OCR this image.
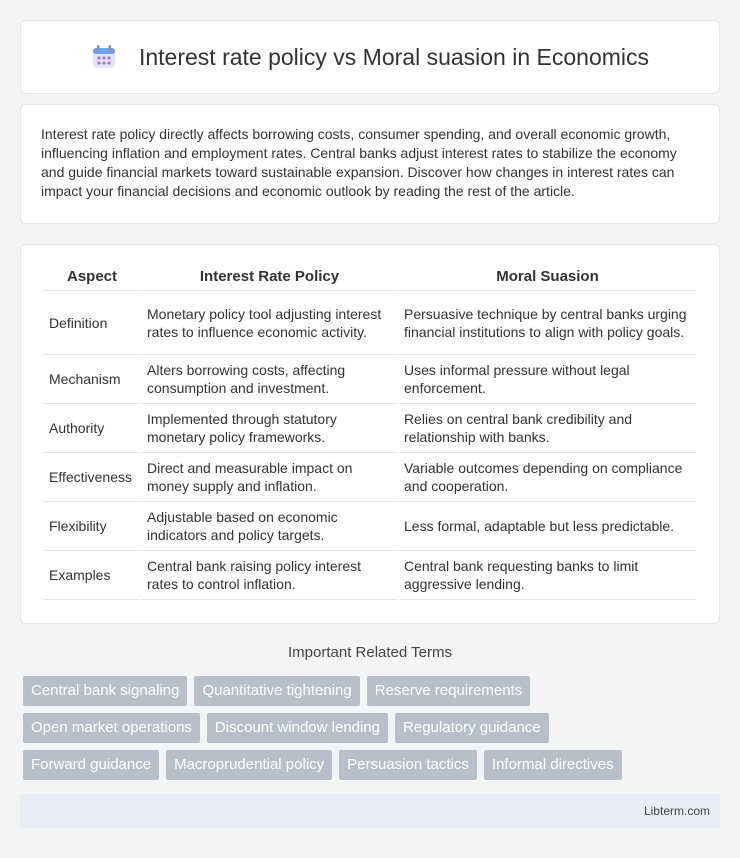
Interest rate policy vs Moral suasion in Economics

Interest rate policy directly affects borrowing costs, consumer spending, and overall economic growth, influencing inflation and employment rates. Central banks adjust interest rates to stabilize the economy and guide financial markets toward sustainable expansion. Discover how changes in interest rates can impact your financial decisions and economic outlook by reading the rest of the article.

Aspect	Interest Rate Policy	Moral Suasion
Definition	Monetary policy tool adjusting interest rates to influence economic activity.	Persuasive technique by central banks urging financial institutions to align with policy goals.
Mechanism	Alters borrowing costs, affecting consumption and investment.	Uses informal pressure without legal enforcement.
Authority	Implemented through statutory monetary policy frameworks.	Relies on central bank credibility and relationship with banks.
Effectiveness	Direct and measurable impact on money supply and inflation.	Variable outcomes depending on compliance and cooperation.
Flexibility	Adjustable based on economic indicators and policy targets.	Less formal, adaptable but less predictable.
Examples	Central bank raising policy interest rates to control inflation.	Central bank requesting banks to limit aggressive lending.
Important Related Terms
Central bank signaling	Quantitative tightening	Reserve requirements
Open market operations	Discount window lending	Regulatory guidance
Forward guidance	Macroprudential policy	Persuasion tactics	Informal directives
Libterm.com
